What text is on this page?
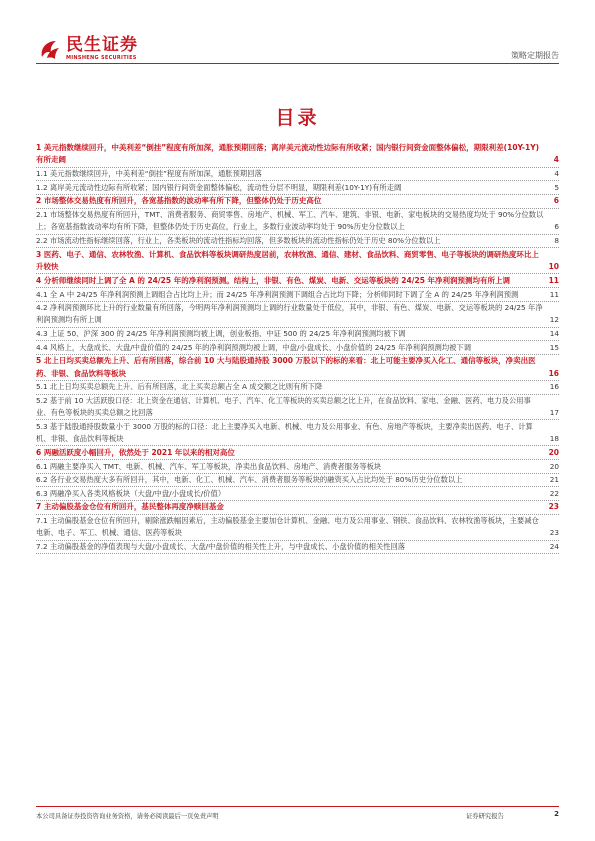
民生证券
MINSHENG SECURITIES	策略定期报告
目录
1 美元指数继续回升，中美利差“倒挂”程度有所加深，通胀预期回落；离岸美元流动性边际有所收紧；国内银行间资金面整体偏松，期限利差(10Y-1Y)有所走阔	4
1.1 美元指数继续回升，中美利差“倒挂”程度有所加深，通胀预期回落	4
1.2 离岸美元流动性边际有所收紧；国内银行间资金面整体偏松，流动性分层不明显，期限利差(10Y-1Y)有所走阔	5
2 市场整体交易热度有所回升，各宽基指数的波动率有所下降，但整体仍处于历史高位	6
2.1 市场整体交易热度有所回升，TMT、消费者服务、商贸零售、房地产、机械、军工、汽车、建筑、非银、电新、家电板块的交易热度均处于 90%分位数以上；各宽基指数波动率均有所下降，但整体仍处于历史高位，行业上，多数行业波动率均处于 90%历史分位数以上	6
2.2 市场流动性指标继续回落，行业上，各类板块的流动性指标均回落，但多数板块的流动性指标仍处于历史 80%分位数以上	8
3 医药、电子、通信、农林牧渔、计算机、食品饮料等板块调研热度居前，农林牧渔、通信、建材、食品饮料、商贸零售、电子等板块的调研热度环比上升较快	10
4 分析师继续同时上调了全 A 的 24/25 年的净利润预测。结构上，非银、有色、煤炭、电新、交运等板块的 24/25 年净利润预测均有所上调	11
4.1 全 A 中 24/25 年净利润预测上调组合占比均上升；而 24/25 年净利润预测下调组合占比均下降；分析师同时下调了全 A 的 24/25 年净利润预测	11
4.2 净利润预测环比上升的行业数量有所回落，今明两年净利润预测均上调的行业数量处于低位，其中，非银、有色、煤炭、电新、交运等板块的 24/25 年净利润预测均有所上调	12
4.3 上证 50、沪深 300 的 24/25 年净利润预测均被上调，创业板指、中证 500 的 24/25 年净利润预测均被下调	14
4.4 风格上，大盘成长、大盘/中盘价值的 24/25 年的净利润预测均被上调，中盘/小盘成长、小盘价值的 24/25 年净利润预测均被下调	15
5 北上日均买卖总额先上升、后有所回落，综合前 10 大与陆股通持股 3000 万股以下的标的来看：北上可能主要净买入化工、通信等板块，净卖出医药、非银、食品饮料等板块	16
5.1 北上日均买卖总额先上升、后有所回落，北上买卖总额占全 A 成交额之比则有所下降	16
5.2 基于前 10 大活跃股口径：北上资金在通信、计算机、电子、汽车、化工等板块的买卖总额之比上升，在食品饮料、家电、金融、医药、电力及公用事业、有色等板块的买卖总额之比回落	17
5.3 基于陆股通持股数量小于 3000 万股的标的口径：北上主要净买入电新、机械、电力及公用事业、有色、房地产等板块，主要净卖出医药、电子、计算机、非银、食品饮料等板块	18
6 两融活跃度小幅回升，依然处于 2021 年以来的相对高位	20
6.1 两融主要净买入 TMT、电新、机械、汽车、军工等板块，净卖出食品饮料、房地产、消费者服务等板块	20
6.2 各行业交易热度大多有所回升，其中，电新、化工、机械、汽车、消费者服务等板块的融资买入占比均处于 80%历史分位数以上	21
6.3 两融净买入各类风格板块（大盘/中盘/小盘成长/价值）	22
7 主动偏股基金仓位有所回升，基民整体再度净赎回基金	23
7.1 主动偏股基金仓位有所回升，剔除涨跌幅因素后，主动偏股基金主要加仓计算机、金融、电力及公用事业、钢铁、食品饮料、农林牧渔等板块，主要减仓电新、电子、军工、机械、通信、医药等板块	23
7.2 主动偏股基金的净值表现与大盘/小盘成长、大盘/中盘价值的相关性上升，与中盘成长、小盘价值的相关性回落	24
本公司具备证券投资咨询业务资格，请务必阅读最后一页免责声明	证券研究报告	2
